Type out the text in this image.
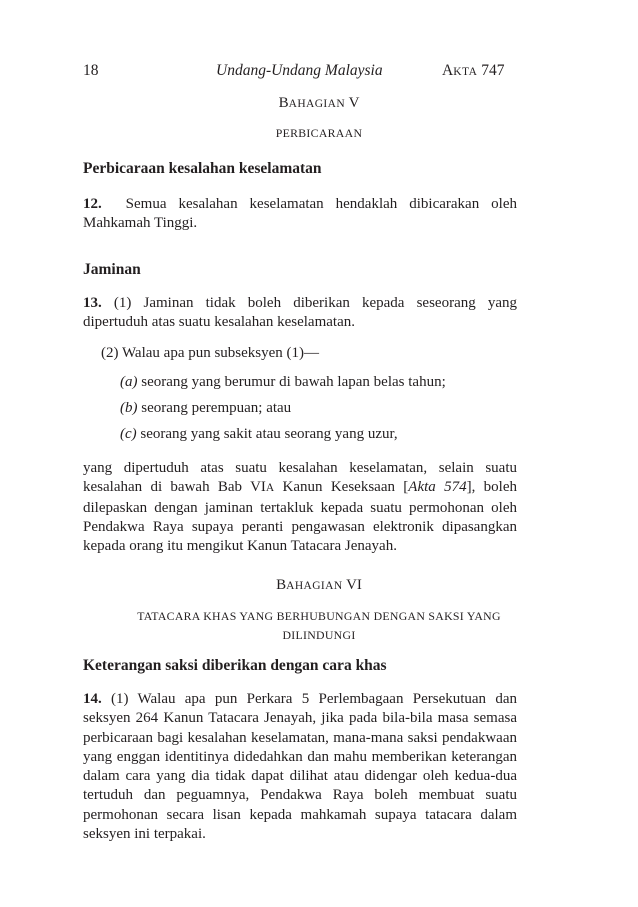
18	Undang-Undang Malaysia	AKTA 747
BAHAGIAN V
PERBICARAAN
Perbicaraan kesalahan keselamatan
12. Semua kesalahan keselamatan hendaklah dibicarakan oleh Mahkamah Tinggi.
Jaminan
13. (1) Jaminan tidak boleh diberikan kepada seseorang yang dipertuduh atas suatu kesalahan keselamatan.
(2) Walau apa pun subseksyen (1)—
(a) seorang yang berumur di bawah lapan belas tahun;
(b) seorang perempuan; atau
(c) seorang yang sakit atau seorang yang uzur,
yang dipertuduh atas suatu kesalahan keselamatan, selain suatu kesalahan di bawah Bab VIA Kanun Keseksaan [Akta 574], boleh dilepaskan dengan jaminan tertakluk kepada suatu permohonan oleh Pendakwa Raya supaya peranti pengawasan elektronik dipasangkan kepada orang itu mengikut Kanun Tatacara Jenayah.
BAHAGIAN VI
TATACARA KHAS YANG BERHUBUNGAN DENGAN SAKSI YANG
DILINDUNGI
Keterangan saksi diberikan dengan cara khas
14. (1) Walau apa pun Perkara 5 Perlembagaan Persekutuan dan seksyen 264 Kanun Tatacara Jenayah, jika pada bila-bila masa semasa perbicaraan bagi kesalahan keselamatan, mana-mana saksi pendakwaan yang enggan identitinya didedahkan dan mahu memberikan keterangan dalam cara yang dia tidak dapat dilihat atau didengar oleh kedua-dua tertuduh dan peguamnya, Pendakwa Raya boleh membuat suatu permohonan secara lisan kepada mahkamah supaya tatacara dalam seksyen ini terpakai.
